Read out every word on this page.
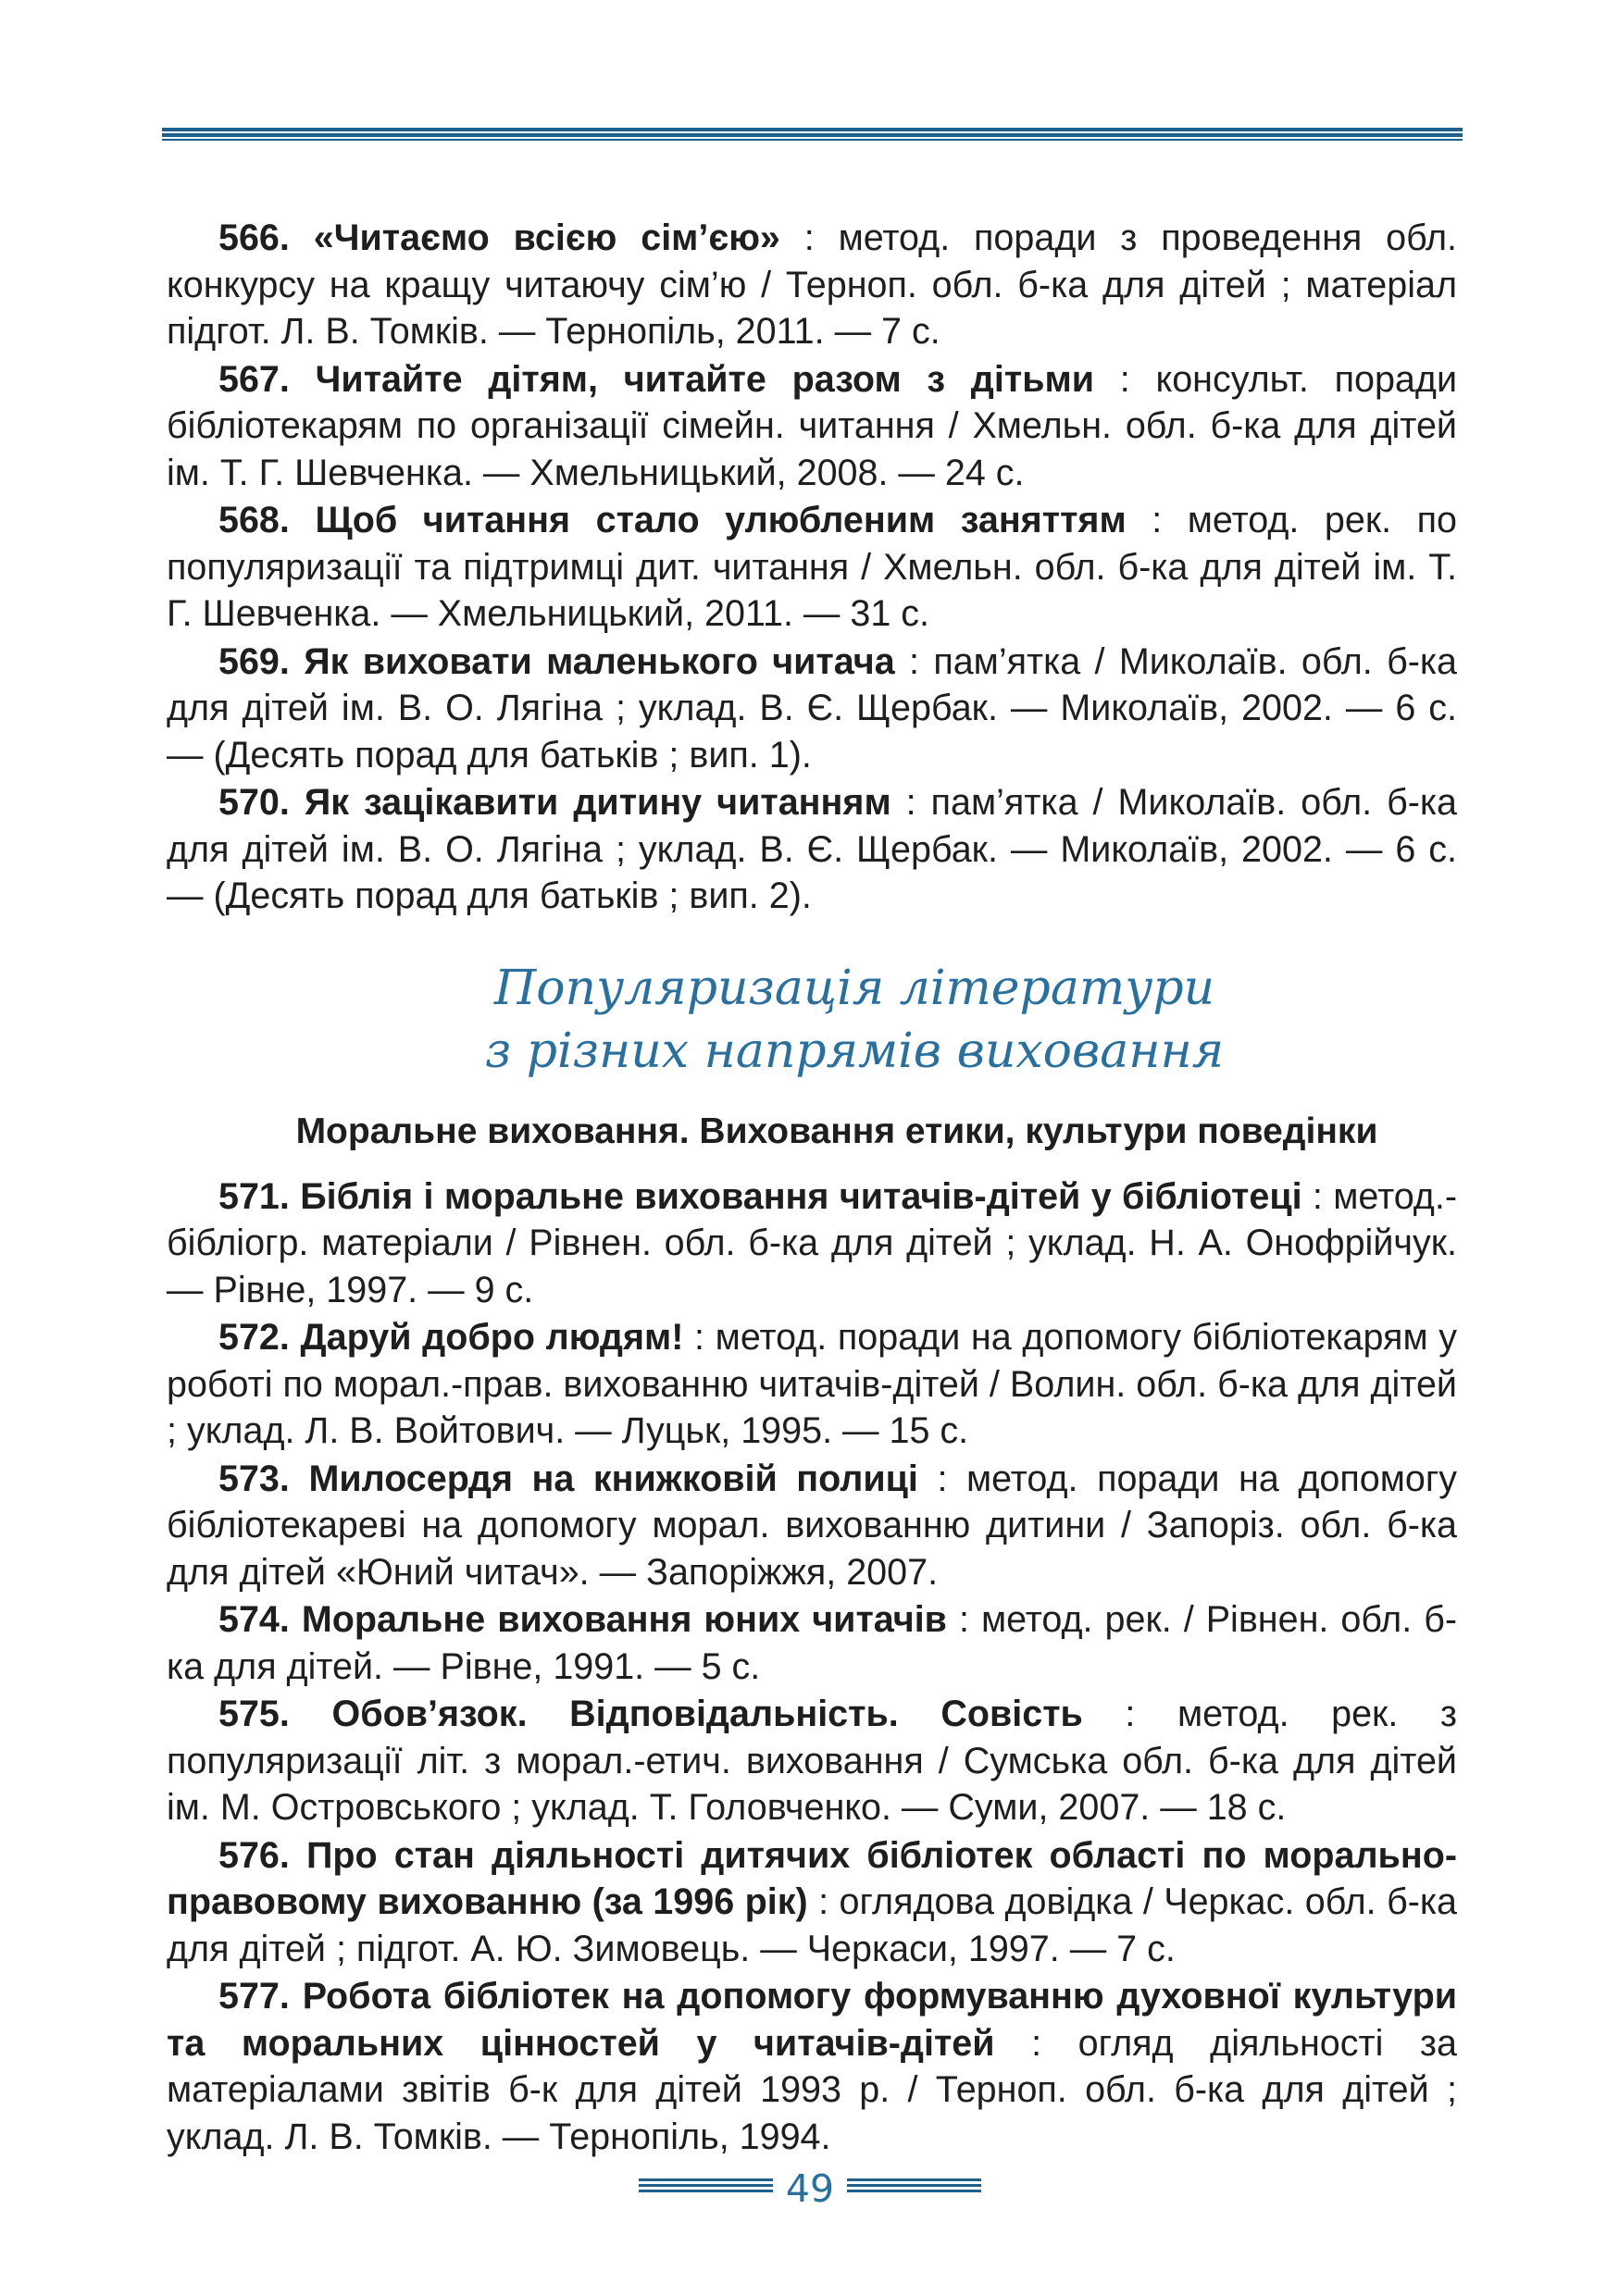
566. «Читаємо всією сім’єю» : метод. поради з проведення обл. конкурсу на кращу читаючу сім’ю / Терноп. обл. б-ка для дітей ; матеріал підгот. Л. В. Томків. — Тернопіль, 2011. — 7 с.

567. Читайте дітям, читайте разом з дітьми : консульт. поради бібліотекарям по організації сімейн. читання / Хмельн. обл. б-ка для дітей ім. Т. Г. Шевченка. — Хмельницький, 2008. — 24 с.

568. Щоб читання стало улюбленим заняттям : метод. рек. по популяризації та підтримці дит. читання / Хмельн. обл. б-ка для дітей ім. Т. Г. Шевченка. — Хмельницький, 2011. — 31 с.

569. Як виховати маленького читача : пам’ятка / Миколаїв. обл. б-ка для дітей ім. В. О. Лягіна ; уклад. В. Є. Щербак. — Миколаїв, 2002. — 6 с. — (Десять порад для батьків ; вип. 1).

570. Як зацікавити дитину читанням : пам’ятка / Миколаїв. обл. б-ка для дітей ім. В. О. Лягіна ; уклад. В. Є. Щербак. — Миколаїв, 2002. — 6 с. — (Десять порад для батьків ; вип. 2).

Популяризація літератури
з різних напрямів виховання
Моральне виховання. Виховання етики, культури поведінки

571. Біблія і моральне виховання читачів-дітей у бібліотеці : метод.-бібліогр. матеріали / Рівнен. обл. б-ка для дітей ; уклад. Н. А. Онофрійчук. — Рівне, 1997. — 9 с.

572. Даруй добро людям! : метод. поради на допомогу бібліотекарям у роботі по морал.-прав. вихованню читачів-дітей / Волин. обл. б-ка для дітей ; уклад. Л. В. Войтович. — Луцьк, 1995. — 15 с.

573. Милосердя на книжковій полиці : метод. поради на допомогу бібліотекареві на допомогу морал. вихованню дитини / Запоріз. обл. б-ка для дітей «Юний читач». — Запоріжжя, 2007.

574. Моральне виховання юних читачів : метод. рек. / Рівнен. обл. б-ка для дітей. — Рівне, 1991. — 5 с.

575. Обов’язок. Відповідальність. Совість : метод. рек. з популяризації літ. з морал.-етич. виховання / Сумська обл. б-ка для дітей ім. М. Островського ; уклад. Т. Головченко. — Суми, 2007. — 18 с.

576. Про стан діяльності дитячих бібліотек області по морально-правовому вихованню (за 1996 рік) : оглядова довідка / Черкас. обл. б-ка для дітей ; підгот. А. Ю. Зимовець. — Черкаси, 1997. — 7 с.

577. Робота бібліотек на допомогу формуванню духовної культури та моральних цінностей у читачів-дітей : огляд діяльності за матеріалами звітів б-к для дітей 1993 р. / Терноп. обл. б-ка для дітей ; уклад. Л. В. Томків. — Тернопіль, 1994.

49
